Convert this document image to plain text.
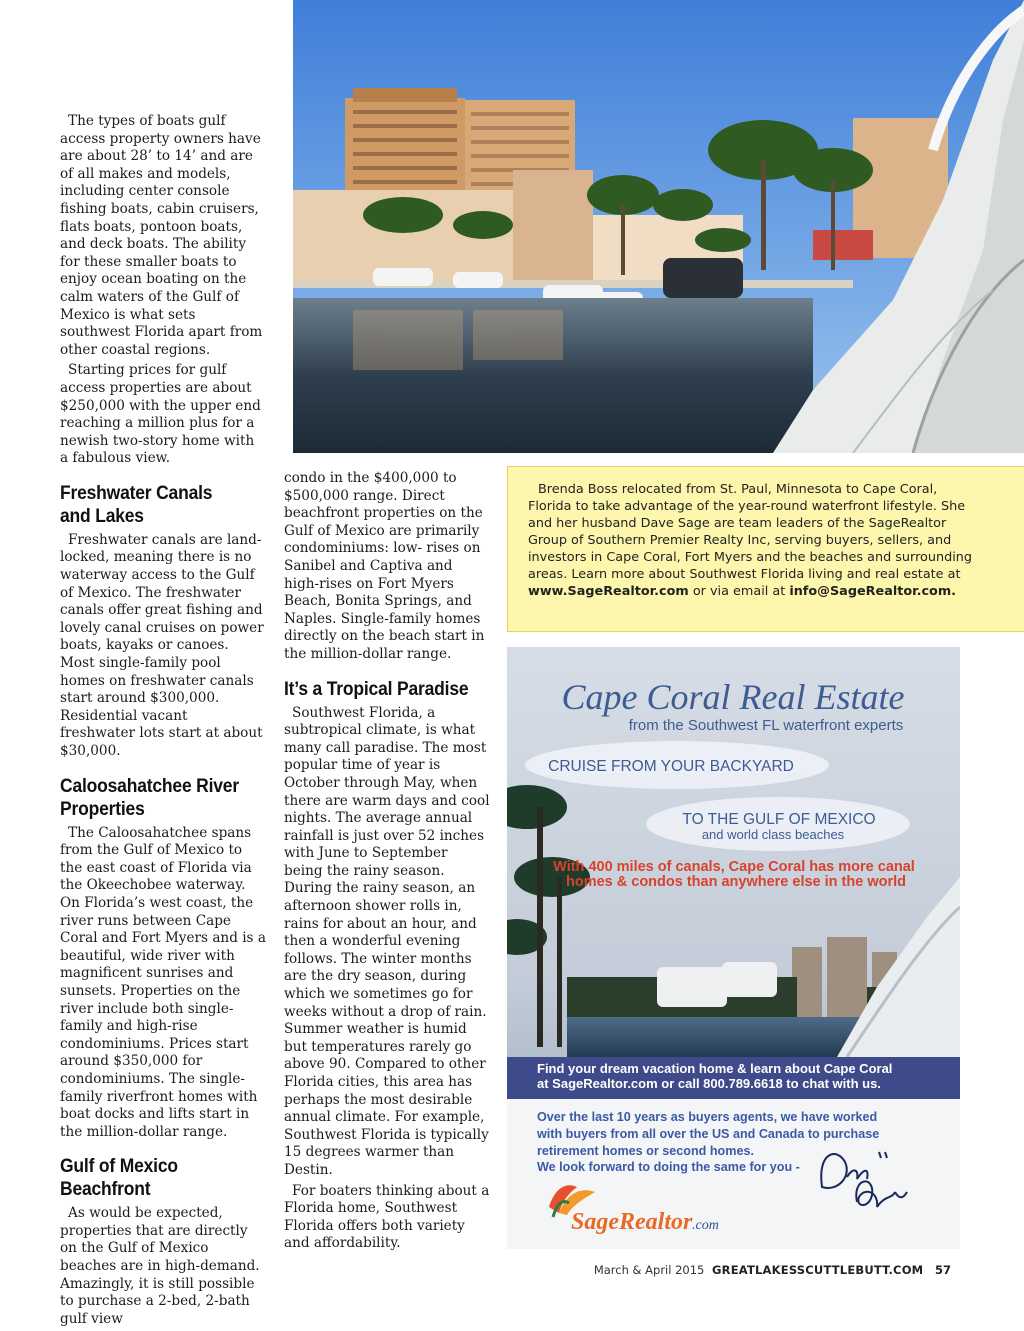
The types of boats gulf access property owners have are about 28’ to 14’ and are of all makes and models, including center console fishing boats, cabin cruisers, flats boats, pontoon boats, and deck boats. The ability for these smaller boats to enjoy ocean boating on the calm waters of the Gulf of Mexico is what sets southwest Florida apart from other coastal regions.

Starting prices for gulf access properties are about $250,000 with the upper end reaching a million plus for a newish two-story home with a fabulous view.

Freshwater Canals and Lakes

Freshwater canals are land-locked, meaning there is no waterway access to the Gulf of Mexico. The freshwater canals offer great fishing and lovely canal cruises on power boats, kayaks or canoes. Most single-family pool homes on freshwater canals start around $300,000. Residential vacant freshwater lots start at about $30,000.

Caloosahatchee River Properties

The Caloosahatchee spans from the Gulf of Mexico to the east coast of Florida via the Okeechobee waterway. On Florida’s west coast, the river runs between Cape Coral and Fort Myers and is a beautiful, wide river with magnificent sunrises and sunsets. Properties on the river include both single-family and high-rise condominiums. Prices start around $350,000 for condominiums. The single-family riverfront homes with boat docks and lifts start in the million-dollar range.

Gulf of Mexico Beachfront

As would be expected, properties that are directly on the Gulf of Mexico beaches are in high-demand. Amazingly, it is still possible to purchase a 2-bed, 2-bath gulf view

condo in the $400,000 to $500,000 range. Direct beachfront properties on the Gulf of Mexico are primarily condominiums: low- rises on Sanibel and Captiva and high-rises on Fort Myers Beach, Bonita Springs, and Naples. Single-family homes directly on the beach start in the million-dollar range.

It’s a Tropical Paradise

Southwest Florida, a subtropical climate, is what many call paradise. The most popular time of year is October through May, when there are warm days and cool nights. The average annual rainfall is just over 52 inches with June to September being the rainy season. During the rainy season, an afternoon shower rolls in, rains for about an hour, and then a wonderful evening follows. The winter months are the dry season, during which we sometimes go for weeks without a drop of rain. Summer weather is humid but temperatures rarely go above 90. Compared to other Florida cities, this area has perhaps the most desirable annual climate. For example, Southwest Florida is typically 15 degrees warmer than Destin.

For boaters thinking about a Florida home, Southwest Florida offers both variety and affordability.

Brenda Boss relocated from St. Paul, Minnesota to Cape Coral, Florida to take advantage of the year-round waterfront lifestyle. She and her husband Dave Sage are team leaders of the SageRealtor Group of Southern Premier Realty Inc, serving buyers, sellers, and investors in Cape Coral, Fort Myers and the beaches and surrounding areas. Learn more about Southwest Florida living and real estate at www.SageRealtor.com or via email at info@SageRealtor.com.

Cape Coral Real Estate
from the Southwest FL waterfront experts
CRUISE FROM YOUR BACKYARD
TO THE GULF OF MEXICO
and world class beaches
With 400 miles of canals, Cape Coral has more canal
homes & condos than anywhere else in the world
Find your dream vacation home & learn about Cape Coral
at SageRealtor.com or call 800.789.6618 to chat with us.
Over the last 10 years as buyers agents, we have worked
with buyers from all over the US and Canada to purchase
retirement homes or second homes.
We look forward to doing the same for you -
SageRealtor .com
March & April 2015 GREATLAKESSCUTTLEBUTT.COM 57
